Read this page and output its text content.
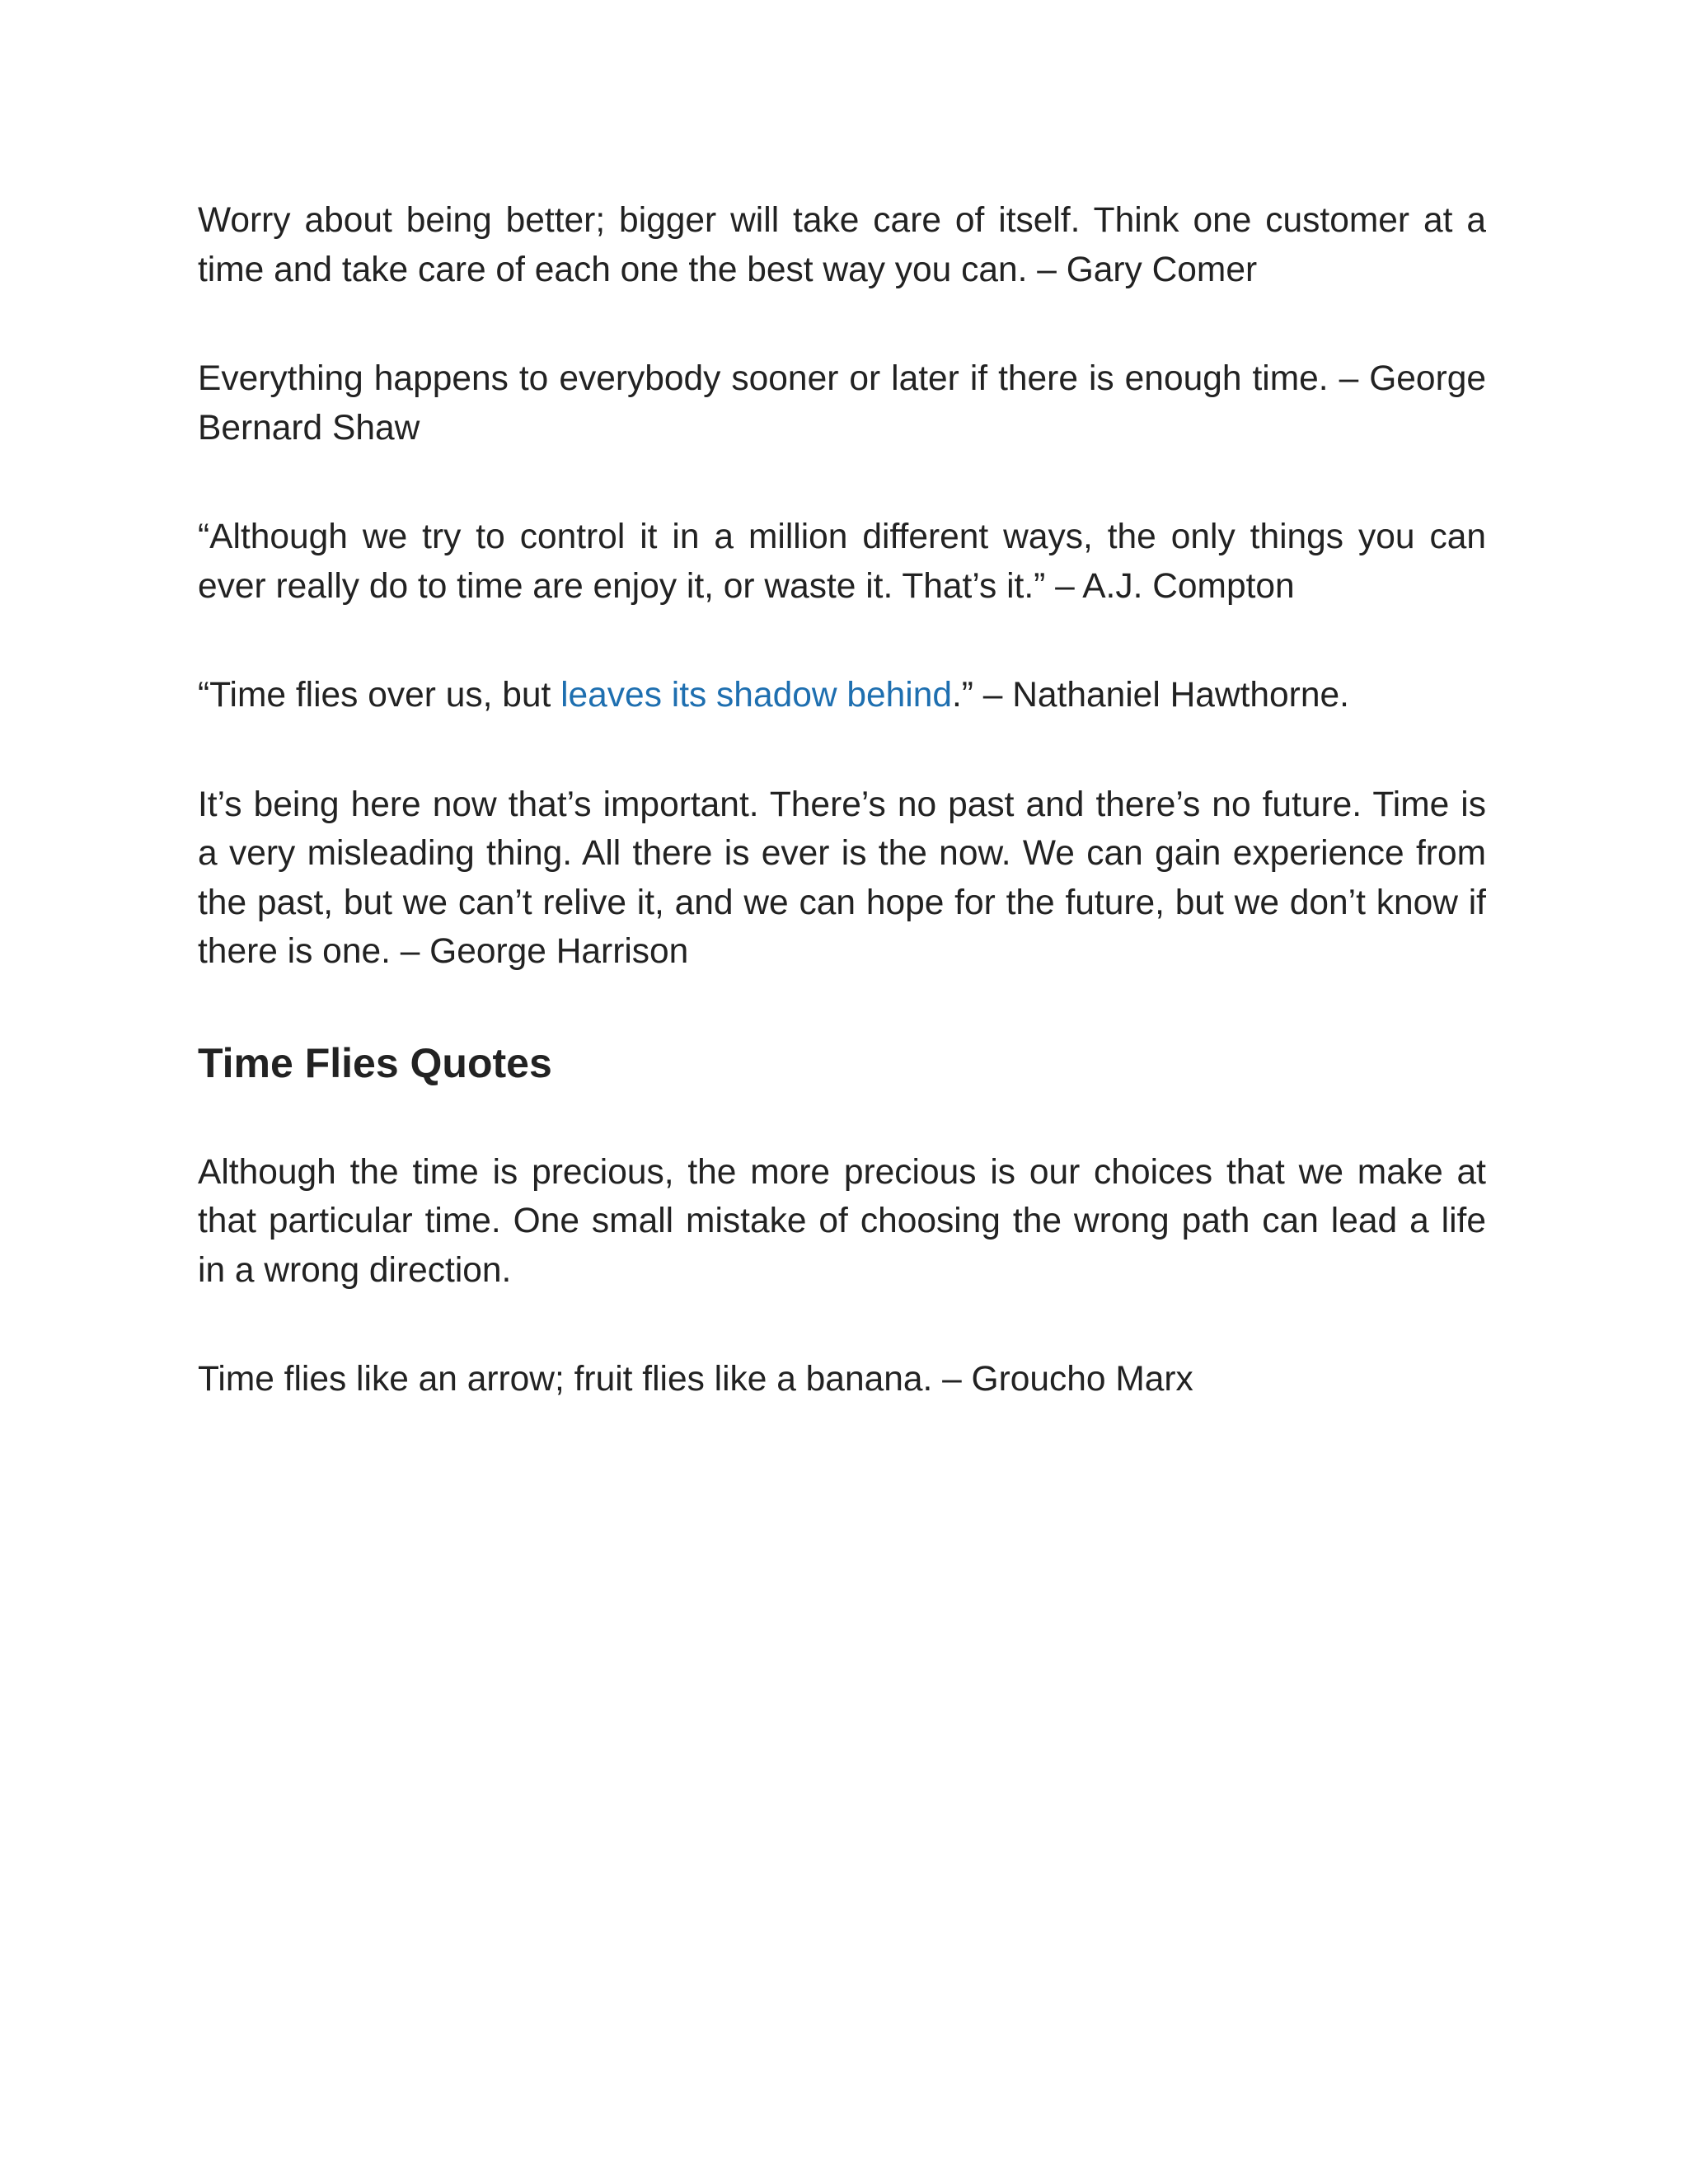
Worry about being better; bigger will take care of itself. Think one customer at a time and take care of each one the best way you can. – Gary Comer

Everything happens to everybody sooner or later if there is enough time. – George Bernard Shaw

“Although we try to control it in a million different ways, the only things you can ever really do to time are enjoy it, or waste it. That’s it.” – A.J. Compton

“Time flies over us, but leaves its shadow behind.” – Nathaniel Hawthorne.

It’s being here now that’s important. There’s no past and there’s no future. Time is a very misleading thing. All there is ever is the now. We can gain experience from the past, but we can’t relive it, and we can hope for the future, but we don’t know if there is one. – George Harrison

Time Flies Quotes

Although the time is precious, the more precious is our choices that we make at that particular time. One small mistake of choosing the wrong path can lead a life in a wrong direction.

Time flies like an arrow; fruit flies like a banana. – Groucho Marx
